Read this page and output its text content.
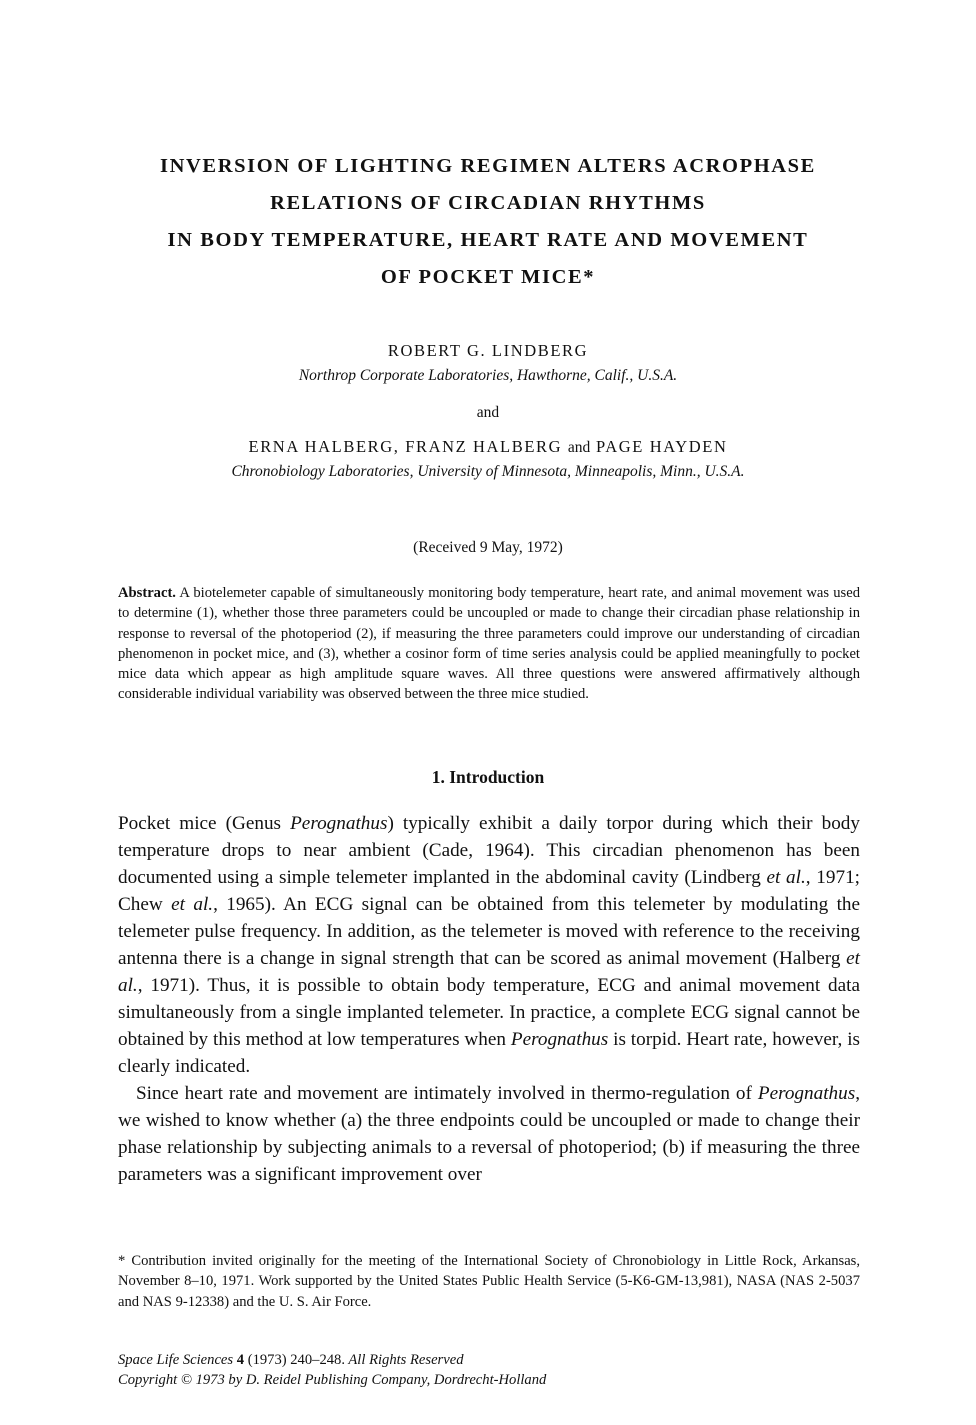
INVERSION OF LIGHTING REGIMEN ALTERS ACROPHASE
RELATIONS OF CIRCADIAN RHYTHMS
IN BODY TEMPERATURE, HEART RATE AND MOVEMENT
OF POCKET MICE*
ROBERT G. LINDBERG
Northrop Corporate Laboratories, Hawthorne, Calif., U.S.A.
and
ERNA HALBERG, FRANZ HALBERG and PAGE HAYDEN
Chronobiology Laboratories, University of Minnesota, Minneapolis, Minn., U.S.A.
(Received 9 May, 1972)
Abstract. A biotelemeter capable of simultaneously monitoring body temperature, heart rate, and animal movement was used to determine (1), whether those three parameters could be uncoupled or made to change their circadian phase relationship in response to reversal of the photoperiod (2), if measuring the three parameters could improve our understanding of circadian phenomenon in pocket mice, and (3), whether a cosinor form of time series analysis could be applied meaningfully to pocket mice data which appear as high amplitude square waves. All three questions were answered affirmatively although considerable individual variability was observed between the three mice studied.
1. Introduction

Pocket mice (Genus Perognathus) typically exhibit a daily torpor during which their body temperature drops to near ambient (Cade, 1964). This circadian phenomenon has been documented using a simple telemeter implanted in the abdominal cavity (Lindberg et al., 1971; Chew et al., 1965). An ECG signal can be obtained from this telemeter by modulating the telemeter pulse frequency. In addition, as the telemeter is moved with reference to the receiving antenna there is a change in signal strength that can be scored as animal movement (Halberg et al., 1971). Thus, it is possible to obtain body temperature, ECG and animal movement data simultaneously from a single implanted telemeter. In practice, a complete ECG signal cannot be obtained by this method at low temperatures when Perognathus is torpid. Heart rate, however, is clearly indicated.

Since heart rate and movement are intimately involved in thermo-regulation of Perognathus, we wished to know whether (a) the three endpoints could be uncoupled or made to change their phase relationship by subjecting animals to a reversal of photoperiod; (b) if measuring the three parameters was a significant improvement over

* Contribution invited originally for the meeting of the International Society of Chronobiology in Little Rock, Arkansas, November 8–10, 1971. Work supported by the United States Public Health Service (5-K6-GM-13,981), NASA (NAS 2-5037 and NAS 9-12338) and the U. S. Air Force.
Space Life Sciences 4 (1973) 240–248. All Rights Reserved
Copyright © 1973 by D. Reidel Publishing Company, Dordrecht-Holland
